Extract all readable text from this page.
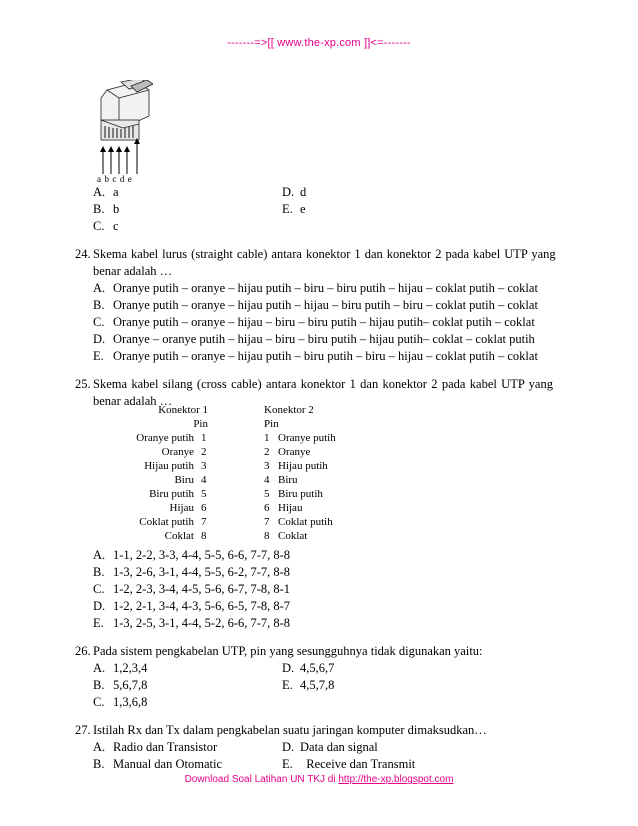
-------=>[[ www.the-xp.com ]]<=-------
a b c d e
A. a
B. b
C. c
D. d
E. e
24. Skema kabel lurus (straight cable) antara konektor 1 dan konektor 2 pada kabel UTP yang
benar adalah …
A. Oranye putih – oranye – hijau putih – biru – biru putih – hijau – coklat putih – coklat
B. Oranye putih – oranye – hijau putih – hijau – biru putih – biru – coklat putih – coklat
C. Oranye putih – oranye – hijau – biru – biru putih – hijau putih– coklat putih – coklat
D. Oranye – oranye putih – hijau – biru – biru putih – hijau putih– coklat – coklat putih
E. Oranye putih – oranye – hijau putih – biru putih – biru – hijau – coklat putih – coklat
25. Skema kabel silang (cross cable) antara konektor 1 dan konektor 2 pada kabel UTP yang
benar adalah …
Konektor 1
Pin
Konektor 2
Pin
Oranye putih 1
Oranye 2
Hijau putih 3
Biru 4
Biru putih 5
Hijau 6
Coklat putih 7
Coklat 8
1 Oranye putih
2 Oranye
3 Hijau putih
4 Biru
5 Biru putih
6 Hijau
7 Coklat putih
8 Coklat
A. 1-1, 2-2, 3-3, 4-4, 5-5, 6-6, 7-7, 8-8
B. 1-3, 2-6, 3-1, 4-4, 5-5, 6-2, 7-7, 8-8
C. 1-2, 2-3, 3-4, 4-5, 5-6, 6-7, 7-8, 8-1
D. 1-2, 2-1, 3-4, 4-3, 5-6, 6-5, 7-8, 8-7
E. 1-3, 2-5, 3-1, 4-4, 5-2, 6-6, 7-7, 8-8
26. Pada sistem pengkabelan UTP, pin yang sesungguhnya tidak digunakan yaitu:
A. 1,2,3,4
B. 5,6,7,8
C. 1,3,6,8
D. 4,5,6,7
E. 4,5,7,8
27. Istilah Rx dan Tx dalam pengkabelan suatu jaringan komputer dimaksudkan…
A. Radio dan Transistor
B. Manual dan Otomatic
D. Data dan signal
E. Receive dan Transmit
Download Soal Latihan UN TKJ di http://the-xp.blogspot.com
